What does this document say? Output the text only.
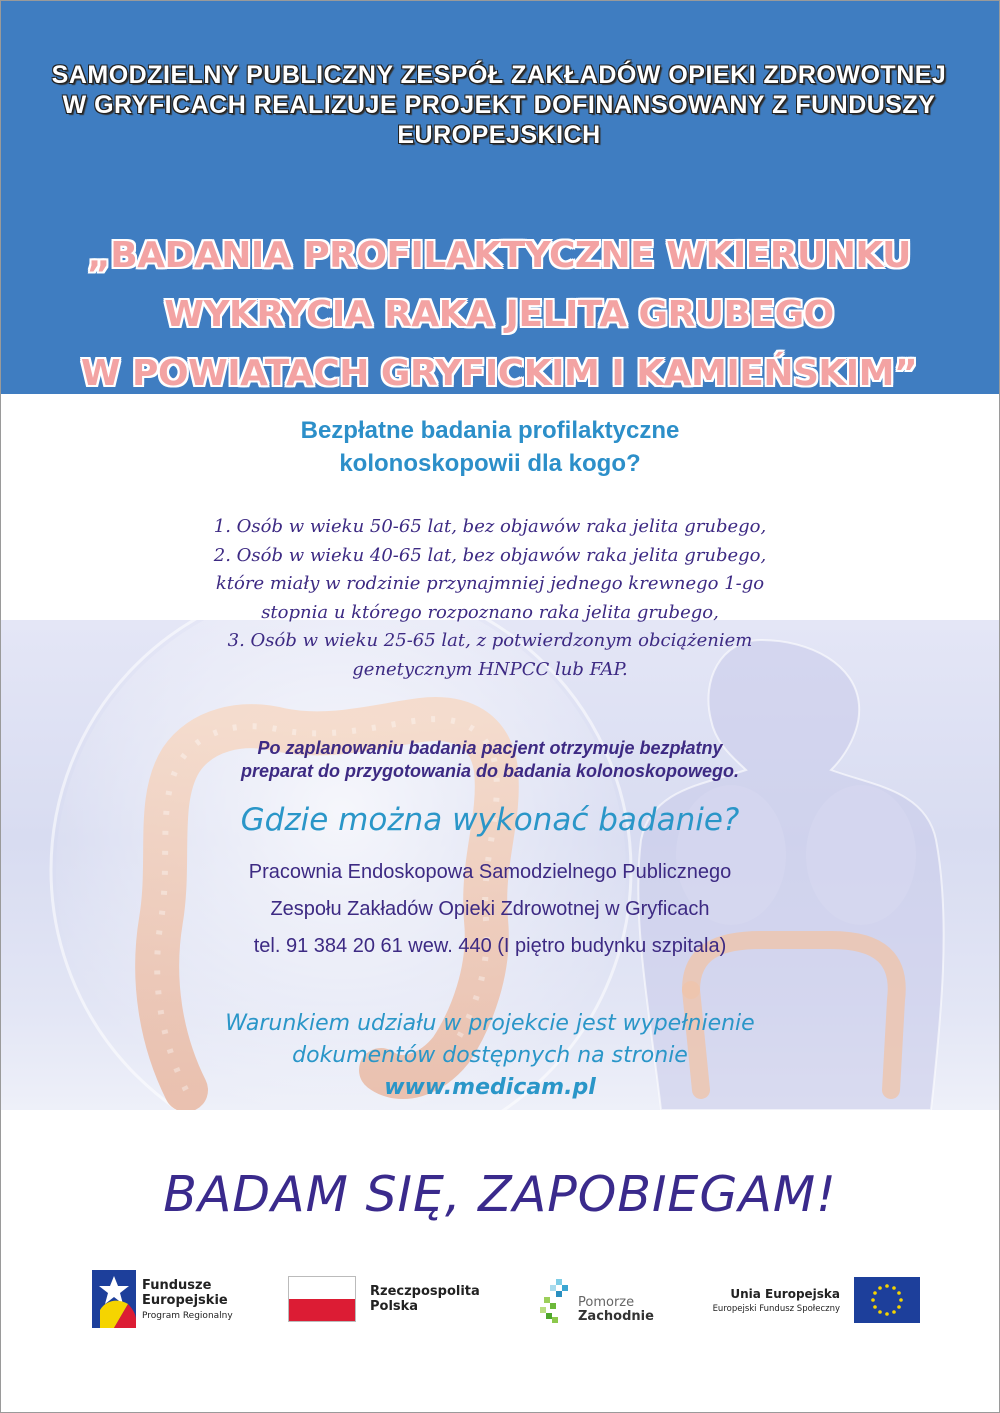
SAMODZIELNY PUBLICZNY ZESPÓŁ ZAKŁADÓW OPIEKI ZDROWOTNEJ W GRYFICACH REALIZUJE PROJEKT DOFINANSOWANY Z FUNDUSZY EUROPEJSKICH
„BADANIA PROFILAKTYCZNE WKIERUNKU
WYKRYCIA RAKA JELITA GRUBEGO
W POWIATACH GRYFICKIM I KAMIEŃSKIM”
Bezpłatne badania profilaktyczne
kolonoskopowii dla kogo?
1. Osób w wieku 50-65 lat, bez objawów raka jelita grubego,
2. Osób w wieku 40-65 lat, bez objawów raka jelita grubego,
które miały w rodzinie przynajmniej jednego krewnego 1-go
stopnia u którego rozpoznano raka jelita grubego,
3. Osób w wieku 25-65 lat, z potwierdzonym obciążeniem
genetycznym HNPCC lub FAP.
Po zaplanowaniu badania pacjent otrzymuje bezpłatny
preparat do przygotowania do badania kolonoskopowego.
Gdzie można wykonać badanie?
Pracownia Endoskopowa Samodzielnego Publicznego
Zespołu Zakładów Opieki Zdrowotnej w Gryficach
tel. 91 384 20 61 wew. 440 (I piętro budynku szpitala)
Warunkiem udziału w projekcie jest wypełnienie
dokumentów dostępnych na stronie
www.medicam.pl
BADAM SIĘ, ZAPOBIEGAM!
Fundusze
Europejskie
Program Regionalny
Rzeczpospolita
Polska	Pomorze
Zachodnie
Unia Europejska
Europejski Fundusz Społeczny
